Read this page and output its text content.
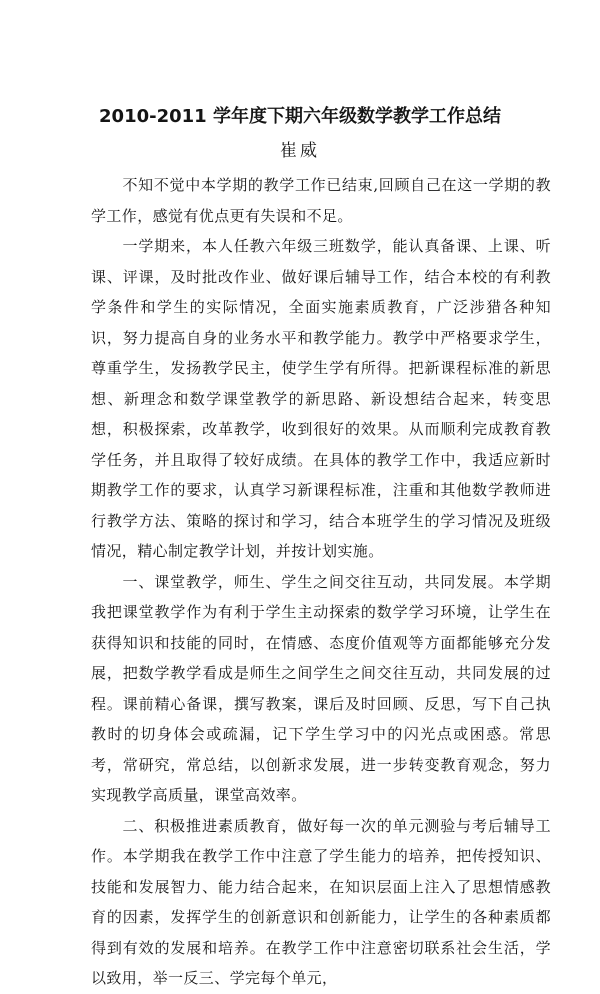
2010-2011 学年度下期六年级数学教学工作总结
崔威

不知不觉中本学期的教学工作已结束,回顾自己在这一学期的教学工作，感觉有优点更有失误和不足。

一学期来，本人任教六年级三班数学，能认真备课、上课、听课、评课，及时批改作业、做好课后辅导工作，结合本校的有利教学条件和学生的实际情况，全面实施素质教育，广泛涉猎各种知识，努力提高自身的业务水平和教学能力。教学中严格要求学生，尊重学生，发扬教学民主，使学生学有所得。把新课程标准的新思想、新理念和数学课堂教学的新思路、新设想结合起来，转变思想，积极探索，改革教学，收到很好的效果。从而顺利完成教育教学任务，并且取得了较好成绩。在具体的教学工作中，我适应新时期教学工作的要求，认真学习新课程标准，注重和其他数学教师进行教学方法、策略的探讨和学习，结合本班学生的学习情况及班级情况，精心制定教学计划，并按计划实施。

一、课堂教学，师生、学生之间交往互动，共同发展。本学期我把课堂教学作为有利于学生主动探索的数学学习环境，让学生在获得知识和技能的同时，在情感、态度价值观等方面都能够充分发展，把数学教学看成是师生之间学生之间交往互动，共同发展的过程。课前精心备课，撰写教案，课后及时回顾、反思，写下自己执教时的切身体会或疏漏，记下学生学习中的闪光点或困惑。常思考，常研究，常总结，以创新求发展，进一步转变教育观念，努力实现教学高质量，课堂高效率。

二、积极推进素质教育，做好每一次的单元测验与考后辅导工作。本学期我在教学工作中注意了学生能力的培养，把传授知识、技能和发展智力、能力结合起来，在知识层面上注入了思想情感教育的因素，发挥学生的创新意识和创新能力，让学生的各种素质都得到有效的发展和培养。在教学工作中注意密切联系社会生活，学以致用，举一反三、学完每个单元，
